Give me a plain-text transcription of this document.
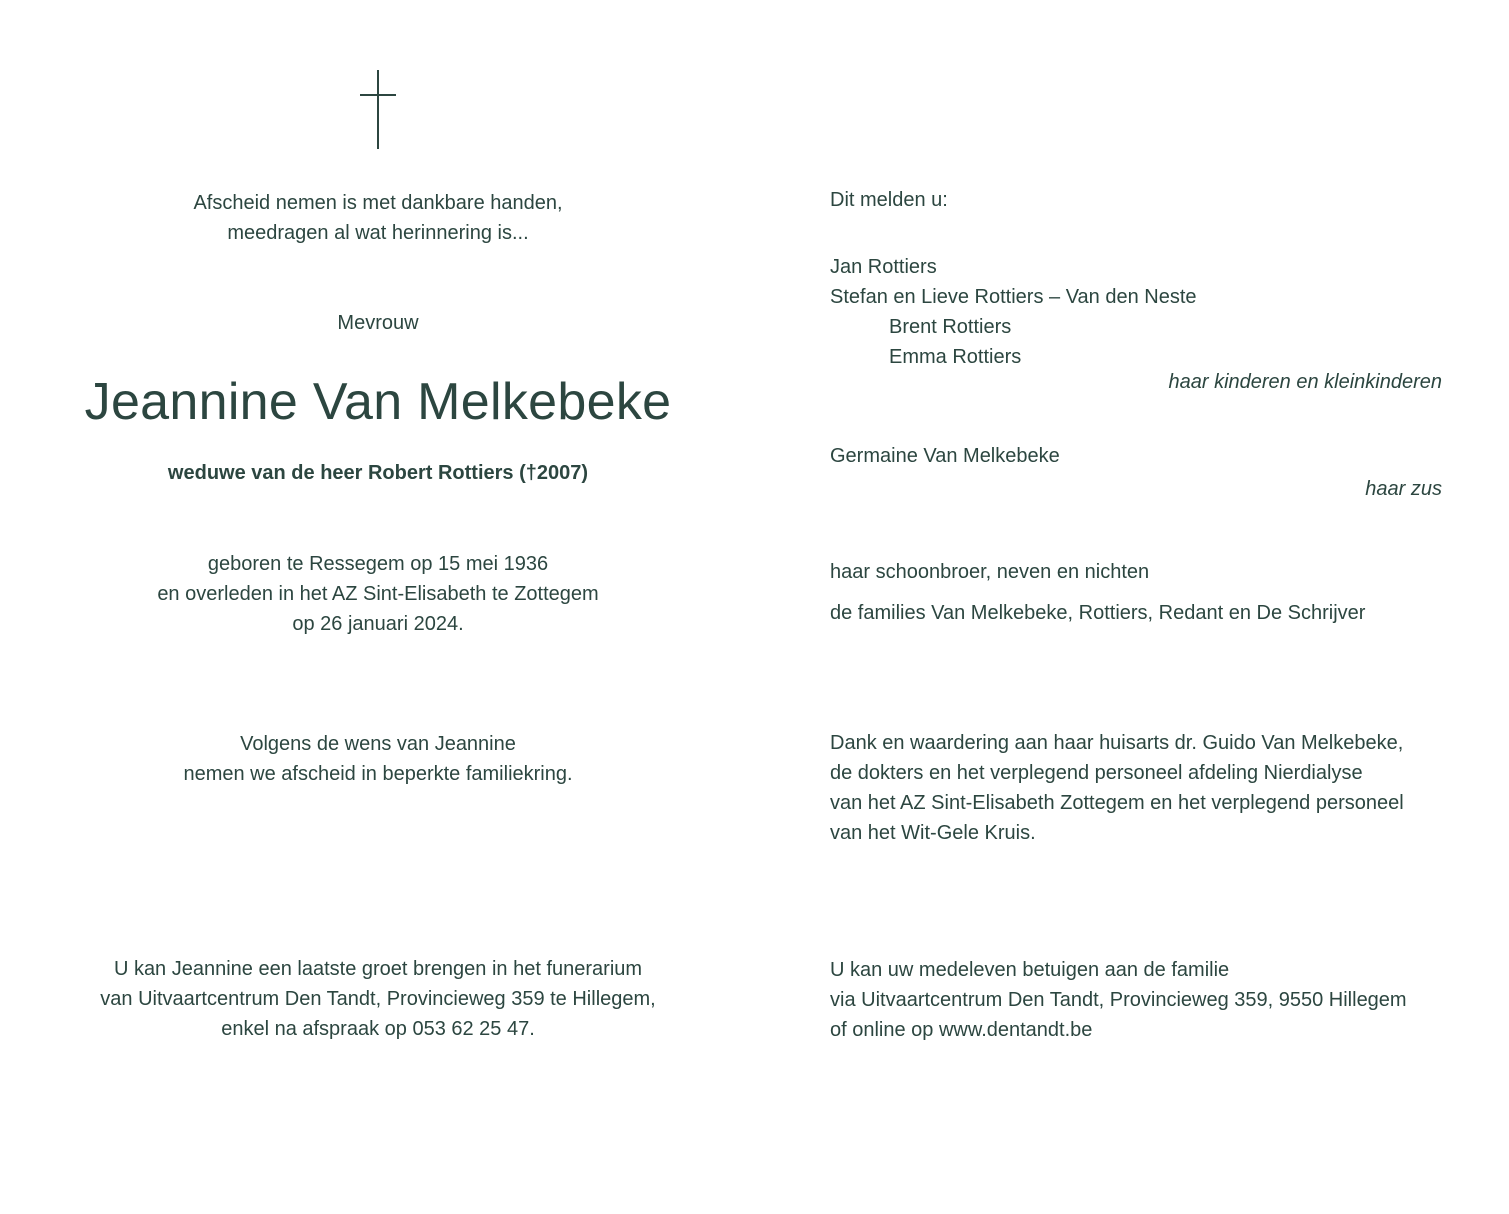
Afscheid nemen is met dankbare handen,
meedragen al wat herinnering is...
Mevrouw
Jeannine Van Melkebeke
weduwe van de heer Robert Rottiers (†2007)
geboren te Ressegem op 15 mei 1936
en overleden in het AZ Sint-Elisabeth te Zottegem
op 26 januari 2024.
Volgens de wens van Jeannine
nemen we afscheid in beperkte familiekring.
U kan Jeannine een laatste groet brengen in het funerarium
van Uitvaartcentrum Den Tandt, Provincieweg 359 te Hillegem,
enkel na afspraak op 053 62 25 47.
Dit melden u:
Jan Rottiers
Stefan en Lieve Rottiers – Van den Neste
Brent Rottiers
Emma Rottiers
haar kinderen en kleinkinderen
Germaine Van Melkebeke
haar zus
haar schoonbroer, neven en nichten
de families Van Melkebeke, Rottiers, Redant en De Schrijver
Dank en waardering aan haar huisarts dr. Guido Van Melkebeke,
de dokters en het verplegend personeel afdeling Nierdialyse
van het AZ Sint-Elisabeth Zottegem en het verplegend personeel
van het Wit-Gele Kruis.
U kan uw medeleven betuigen aan de familie
via Uitvaartcentrum Den Tandt, Provincieweg 359, 9550 Hillegem
of online op www.dentandt.be
